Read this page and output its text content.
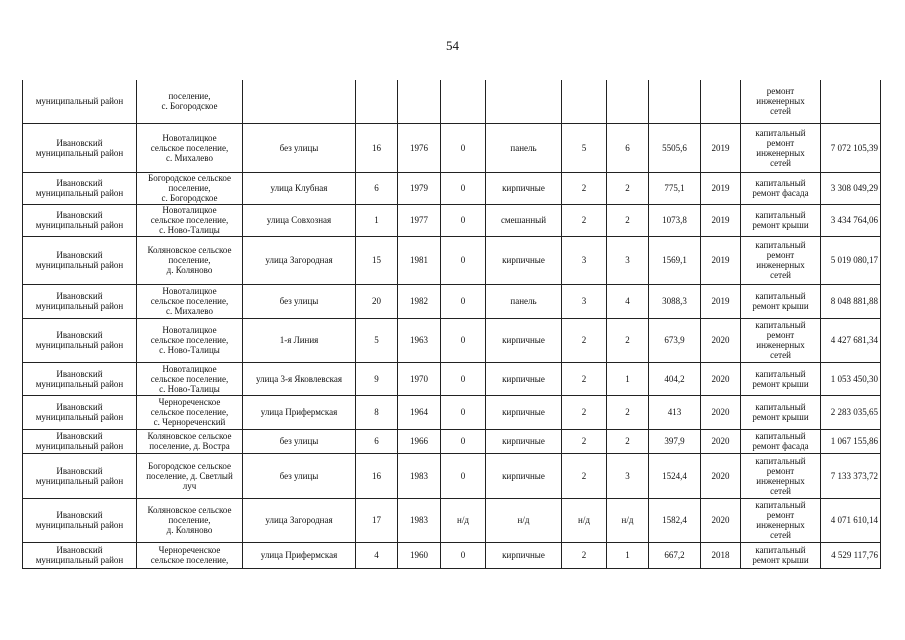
54
муниципальный район	поселение,
с. Богородское										ремонт
инженерных
сетей	
Ивановский
муниципальный район	Новоталицкое
сельское поселение,
с. Михалево	без улицы	16	1976	0	панель	5	6	5505,6	2019	капитальный
ремонт
инженерных
сетей	7 072 105,39
Ивановский
муниципальный район	Богородское сельское
поселение,
с. Богородское	улица Клубная	6	1979	0	кирпичные	2	2	775,1	2019	капитальный
ремонт фасада	3 308 049,29
Ивановский
муниципальный район	Новоталицкое
сельское поселение,
с. Ново-Талицы	улица Совхозная	1	1977	0	смешанный	2	2	1073,8	2019	капитальный
ремонт крыши	3 434 764,06
Ивановский
муниципальный район	Коляновское сельское
поселение,
д. Коляново	улица Загородная	15	1981	0	кирпичные	3	3	1569,1	2019	капитальный
ремонт
инженерных
сетей	5 019 080,17
Ивановский
муниципальный район	Новоталицкое
сельское поселение,
с. Михалево	без улицы	20	1982	0	панель	3	4	3088,3	2019	капитальный
ремонт крыши	8 048 881,88
Ивановский
муниципальный район	Новоталицкое
сельское поселение,
с. Ново-Талицы	1-я Линия	5	1963	0	кирпичные	2	2	673,9	2020	капитальный
ремонт
инженерных
сетей	4 427 681,34
Ивановский
муниципальный район	Новоталицкое
сельское поселение,
с. Ново-Талицы	улица 3-я Яковлевская	9	1970	0	кирпичные	2	1	404,2	2020	капитальный
ремонт крыши	1 053 450,30
Ивановский
муниципальный район	Чернореченское
сельское поселение,
с. Чернореченский	улица Прифермская	8	1964	0	кирпичные	2	2	413	2020	капитальный
ремонт крыши	2 283 035,65
Ивановский
муниципальный район	Коляновское сельское
поселение, д. Востра	без улицы	6	1966	0	кирпичные	2	2	397,9	2020	капитальный
ремонт фасада	1 067 155,86
Ивановский
муниципальный район	Богородское сельское
поселение, д. Светлый
луч	без улицы	16	1983	0	кирпичные	2	3	1524,4	2020	капитальный
ремонт
инженерных
сетей	7 133 373,72
Ивановский
муниципальный район	Коляновское сельское
поселение,
д. Коляново	улица Загородная	17	1983	н/д	н/д	н/д	н/д	1582,4	2020	капитальный
ремонт
инженерных
сетей	4 071 610,14
Ивановский
муниципальный район	Чернореченское
сельское поселение,	улица Прифермская	4	1960	0	кирпичные	2	1	667,2	2018	капитальный
ремонт крыши	4 529 117,76
